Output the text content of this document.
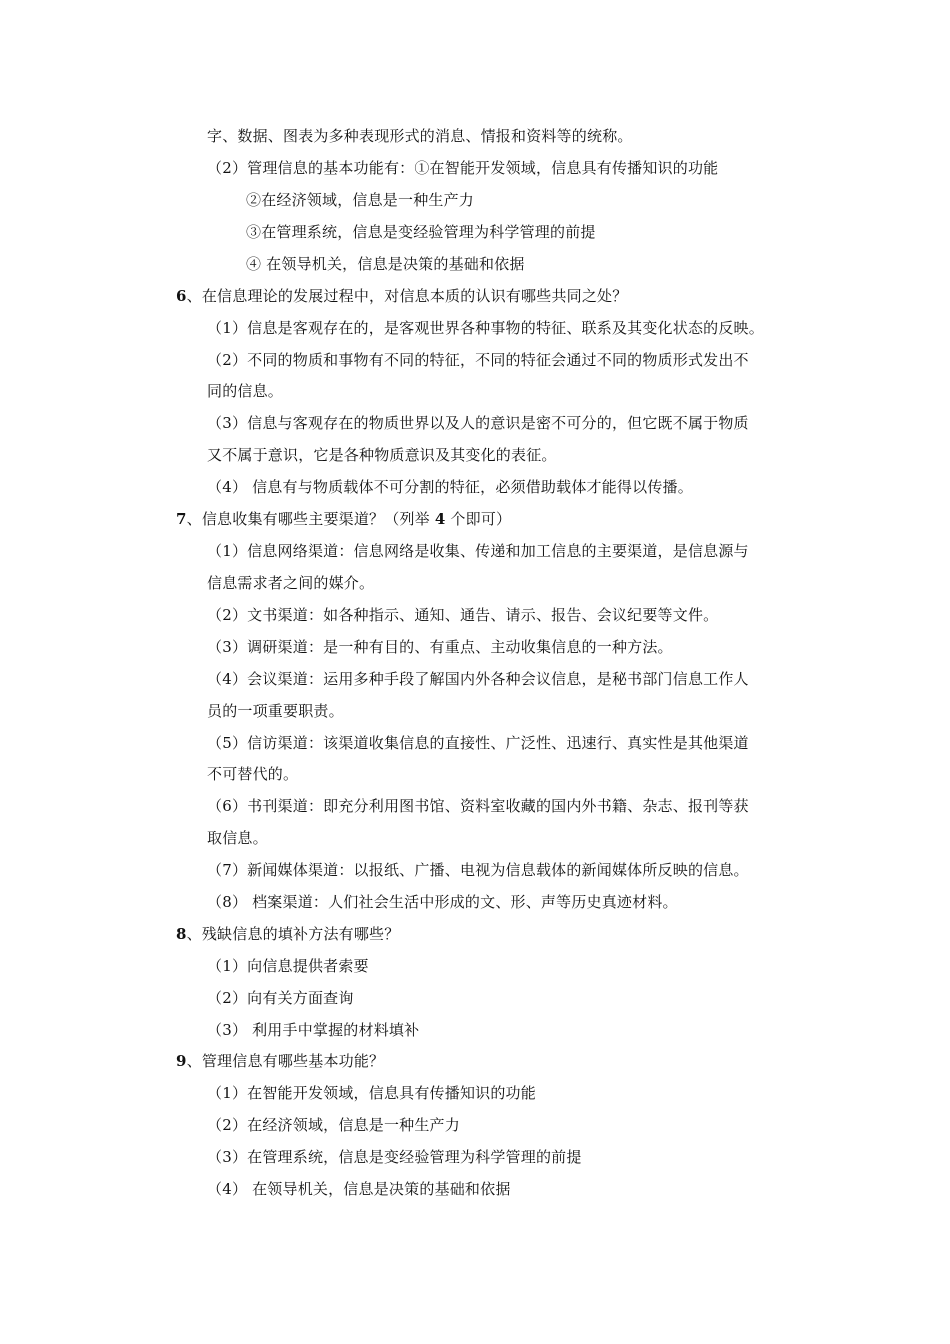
字、数据、图表为多种表现形式的消息、情报和资料等的统称。
（2）管理信息的基本功能有：①在智能开发领域，信息具有传播知识的功能
②在经济领域，信息是一种生产力
③在管理系统，信息是变经验管理为科学管理的前提
④ 在领导机关，信息是决策的基础和依据
6、在信息理论的发展过程中，对信息本质的认识有哪些共同之处？
（1）信息是客观存在的，是客观世界各种事物的特征、联系及其变化状态的反映。
（2）不同的物质和事物有不同的特征，不同的特征会通过不同的物质形式发出不
同的信息。
（3）信息与客观存在的物质世界以及人的意识是密不可分的，但它既不属于物质
又不属于意识，它是各种物质意识及其变化的表征。
（4） 信息有与物质载体不可分割的特征，必须借助载体才能得以传播。
7、信息收集有哪些主要渠道？（列举 4 个即可）
（1）信息网络渠道：信息网络是收集、传递和加工信息的主要渠道，是信息源与
信息需求者之间的媒介。
（2）文书渠道：如各种指示、通知、通告、请示、报告、会议纪要等文件。
（3）调研渠道：是一种有目的、有重点、主动收集信息的一种方法。
（4）会议渠道：运用多种手段了解国内外各种会议信息，是秘书部门信息工作人
员的一项重要职责。
（5）信访渠道：该渠道收集信息的直接性、广泛性、迅速行、真实性是其他渠道
不可替代的。
（6）书刊渠道：即充分利用图书馆、资料室收藏的国内外书籍、杂志、报刊等获
取信息。
（7）新闻媒体渠道：以报纸、广播、电视为信息载体的新闻媒体所反映的信息。
（8） 档案渠道：人们社会生活中形成的文、形、声等历史真迹材料。
8、残缺信息的填补方法有哪些？
（1）向信息提供者索要
（2）向有关方面查询
（3） 利用手中掌握的材料填补
9、管理信息有哪些基本功能？
（1）在智能开发领域，信息具有传播知识的功能
（2）在经济领域，信息是一种生产力
（3）在管理系统，信息是变经验管理为科学管理的前提
（4） 在领导机关，信息是决策的基础和依据
